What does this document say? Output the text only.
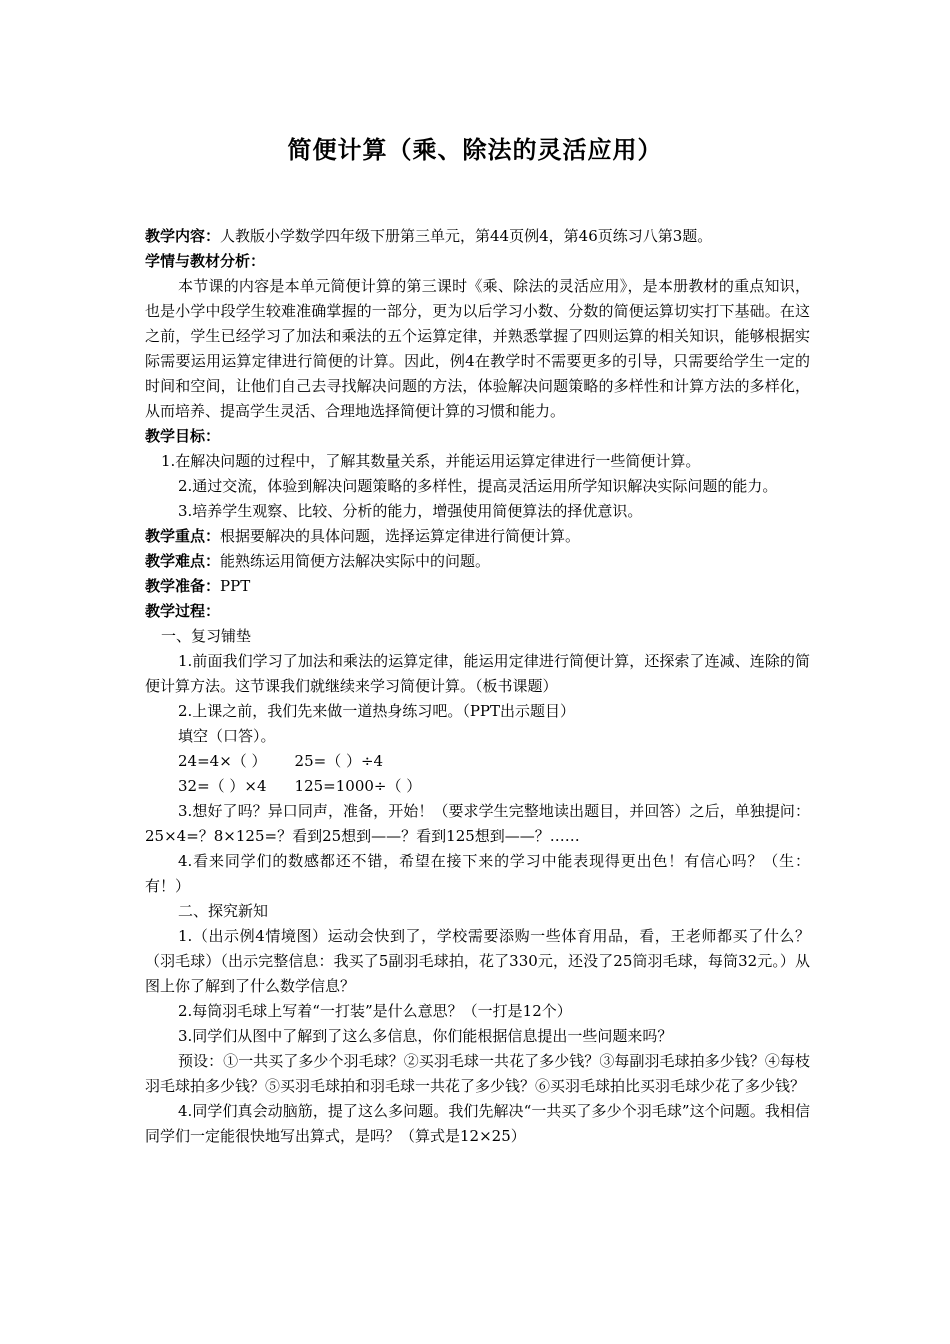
简便计算（乘、除法的灵活应用）

教学内容：人教版小学数学四年级下册第三单元，第44页例4，第46页练习八第3题。

学情与教材分析：

本节课的内容是本单元简便计算的第三课时《乘、除法的灵活应用》，是本册教材的重点知识，也是小学中段学生较难准确掌握的一部分，更为以后学习小数、分数的简便运算切实打下基础。在这之前，学生已经学习了加法和乘法的五个运算定律，并熟悉掌握了四则运算的相关知识，能够根据实际需要运用运算定律进行简便的计算。因此，例4在教学时不需要更多的引导，只需要给学生一定的时间和空间，让他们自己去寻找解决问题的方法，体验解决问题策略的多样性和计算方法的多样化，从而培养、提高学生灵活、合理地选择简便计算的习惯和能力。

教学目标：

1.在解决问题的过程中，了解其数量关系，并能运用运算定律进行一些简便计算。

2.通过交流，体验到解决问题策略的多样性，提高灵活运用所学知识解决实际问题的能力。

3.培养学生观察、比较、分析的能力，增强使用简便算法的择优意识。

教学重点：根据要解决的具体问题，选择运算定律进行简便计算。

教学难点：能熟练运用简便方法解决实际中的问题。

教学准备：PPT

教学过程：

一、复习铺垫

1.前面我们学习了加法和乘法的运算定律，能运用定律进行简便计算，还探索了连减、连除的简便计算方法。这节课我们就继续来学习简便计算。（板书课题）

2.上课之前，我们先来做一道热身练习吧。（PPT出示题目）

填空（口答）。

24=4×（ ） 25=（ ）÷4

32=（ ）×4 125=1000÷（ ）

3.想好了吗？异口同声，准备，开始！（要求学生完整地读出题目，并回答）之后，单独提问：25×4=？8×125=？看到25想到——？看到125想到——？……

4.看来同学们的数感都还不错，希望在接下来的学习中能表现得更出色！有信心吗？（生：有！）

二、探究新知

1.（出示例4情境图）运动会快到了，学校需要添购一些体育用品，看，王老师都买了什么？（羽毛球）（出示完整信息：我买了5副羽毛球拍，花了330元，还没了25筒羽毛球，每筒32元。）从图上你了解到了什么数学信息？

2.每筒羽毛球上写着“一打装”是什么意思？（一打是12个）

3.同学们从图中了解到了这么多信息，你们能根据信息提出一些问题来吗？

预设：①一共买了多少个羽毛球？②买羽毛球一共花了多少钱？③每副羽毛球拍多少钱？④每枝羽毛球拍多少钱？⑤买羽毛球拍和羽毛球一共花了多少钱？⑥买羽毛球拍比买羽毛球少花了多少钱？

4.同学们真会动脑筋，提了这么多问题。我们先解决“一共买了多少个羽毛球”这个问题。我相信同学们一定能很快地写出算式，是吗？（算式是12×25）
